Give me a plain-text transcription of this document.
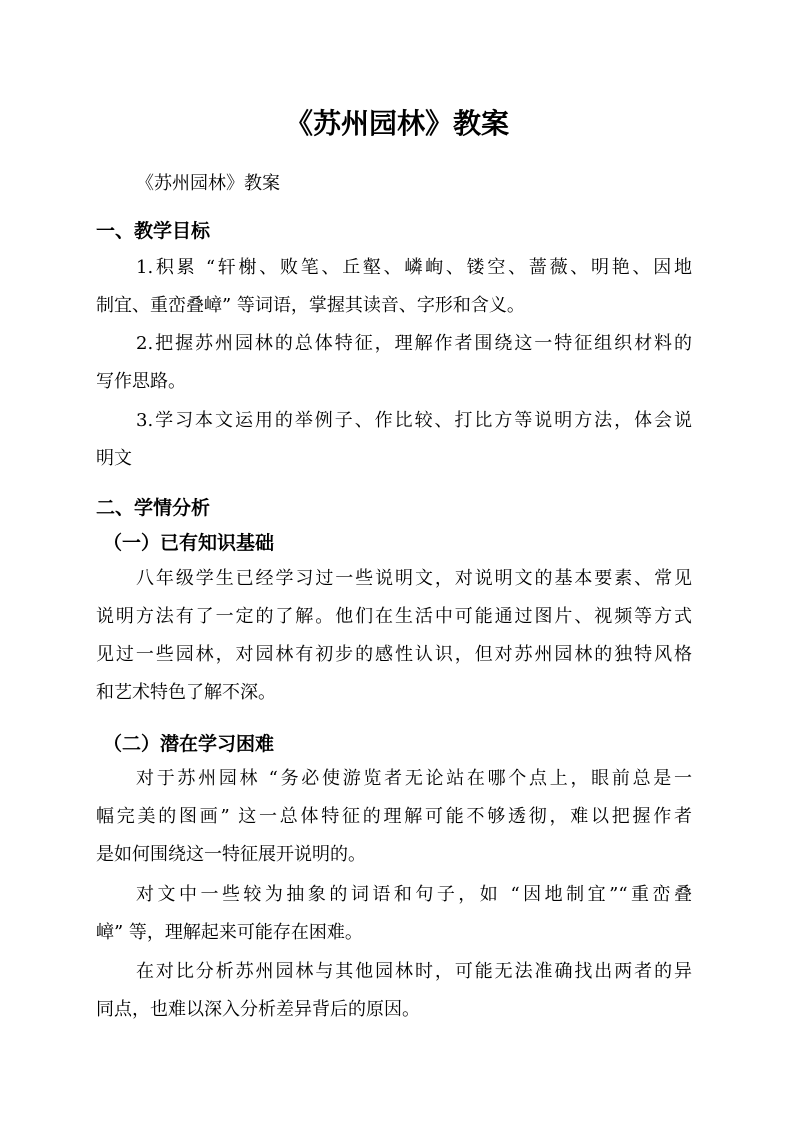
《苏州园林》教案
《苏州园林》教案
一、教学目标
1.积累 “轩榭、败笔、丘壑、嶙峋、镂空、蔷薇、明艳、因地
制宜、重峦叠嶂” 等词语，掌握其读音、字形和含义。
2.把握苏州园林的总体特征，理解作者围绕这一特征组织材料的
写作思路。
3.学习本文运用的举例子、作比较、打比方等说明方法，体会说
明文
二、学情分析
（一）已有知识基础
八年级学生已经学习过一些说明文，对说明文的基本要素、常见
说明方法有了一定的了解。他们在生活中可能通过图片、视频等方式
见过一些园林，对园林有初步的感性认识，但对苏州园林的独特风格
和艺术特色了解不深。
（二）潜在学习困难
对于苏州园林 “务必使游览者无论站在哪个点上，眼前总是一
幅完美的图画” 这一总体特征的理解可能不够透彻，难以把握作者
是如何围绕这一特征展开说明的。
对文中一些较为抽象的词语和句子，如 “因地制宜”“重峦叠
嶂” 等，理解起来可能存在困难。
在对比分析苏州园林与其他园林时，可能无法准确找出两者的异
同点，也难以深入分析差异背后的原因。
